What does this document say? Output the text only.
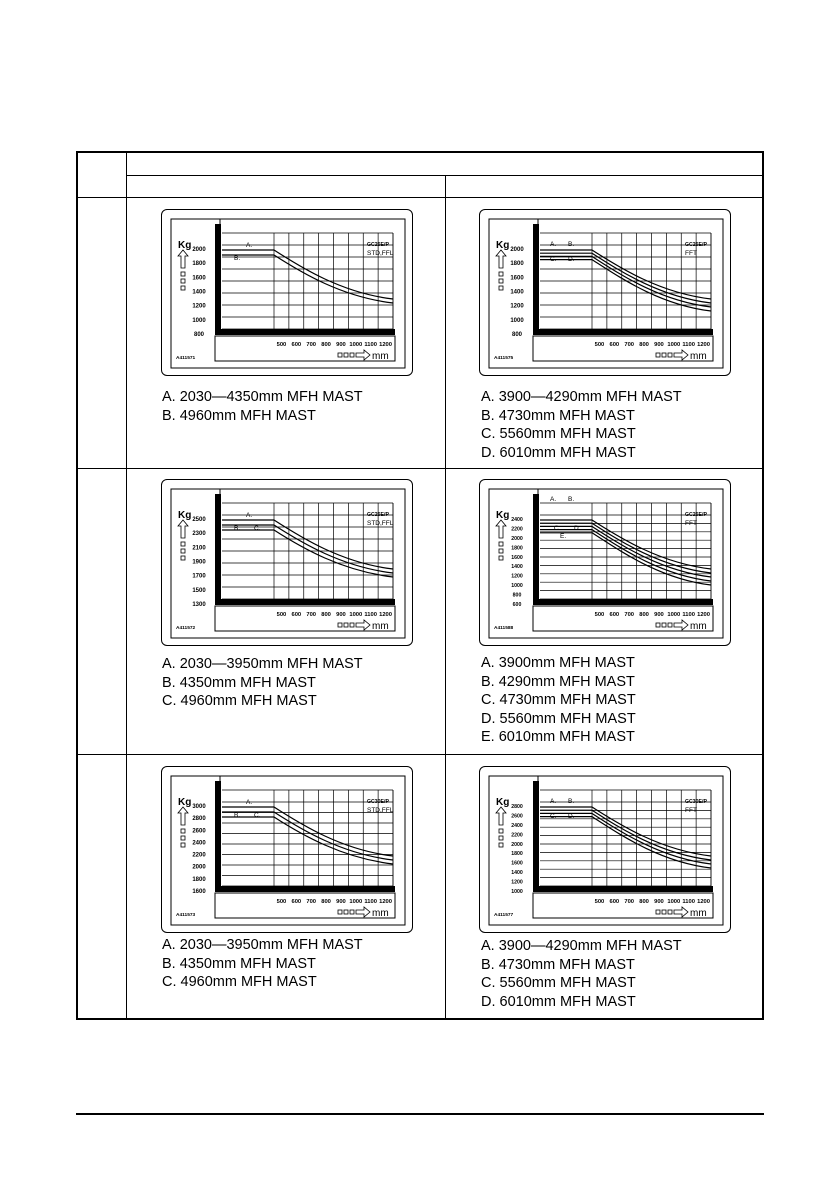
Kg 2000
1800
1600
1400
1200
1000
800
500 600 700 800 900 1000 1100 1200
mm
GC25E/P
STD,FFL
A411571
A.
B.
A. 2030—4350mm MFH MAST
B. 4960mm MFH MAST
Kg 2000
1800
1600
1400
1200
1000
800
500 600 700 800 900 1000 1100 1200
mm
GC25E/P
FFT
A411575
A. B.
C. D.
A. 3900—4290mm MFH MAST
B. 4730mm MFH MAST
C. 5560mm MFH MAST
D. 6010mm MFH MAST
Kg 2500
2300
2100
1900
1700
1500
1300
500 600 700 800 900 1000 1100 1200
mm
GC25E/P
STD,FFL
A411572
A.
B. C.
A. 2030—3950mm MFH MAST
B. 4350mm MFH MAST
C. 4960mm MFH MAST
Kg 2400
2200
2000
1800
1600
1400
1200
1000
800
600
500 600 700 800 900 1000 1100 1200
mm
GC25E/P
FFT
A411588
A. B.
C. D.
E.
A. 3900mm MFH MAST
B. 4290mm MFH MAST
C. 4730mm MFH MAST
D. 5560mm MFH MAST
E. 6010mm MFH MAST
Kg 3000
2800
2600
2400
2200
2000
1800
1600
500 600 700 800 900 1000 1100 1200
mm
GC30E/P
STD,FFL
A411573
A.
B. C.
A. 2030—3950mm MFH MAST
B. 4350mm MFH MAST
C. 4960mm MFH MAST
Kg 2800
2600
2400
2200
2000
1800
1600
1400
1200
1000
500 600 700 800 900 1000 1100 1200
mm
GC30E/P
FFT
A411577
A. B.
C. D.
A. 3900—4290mm MFH MAST
B. 4730mm MFH MAST
C. 5560mm MFH MAST
D. 6010mm MFH MAST
